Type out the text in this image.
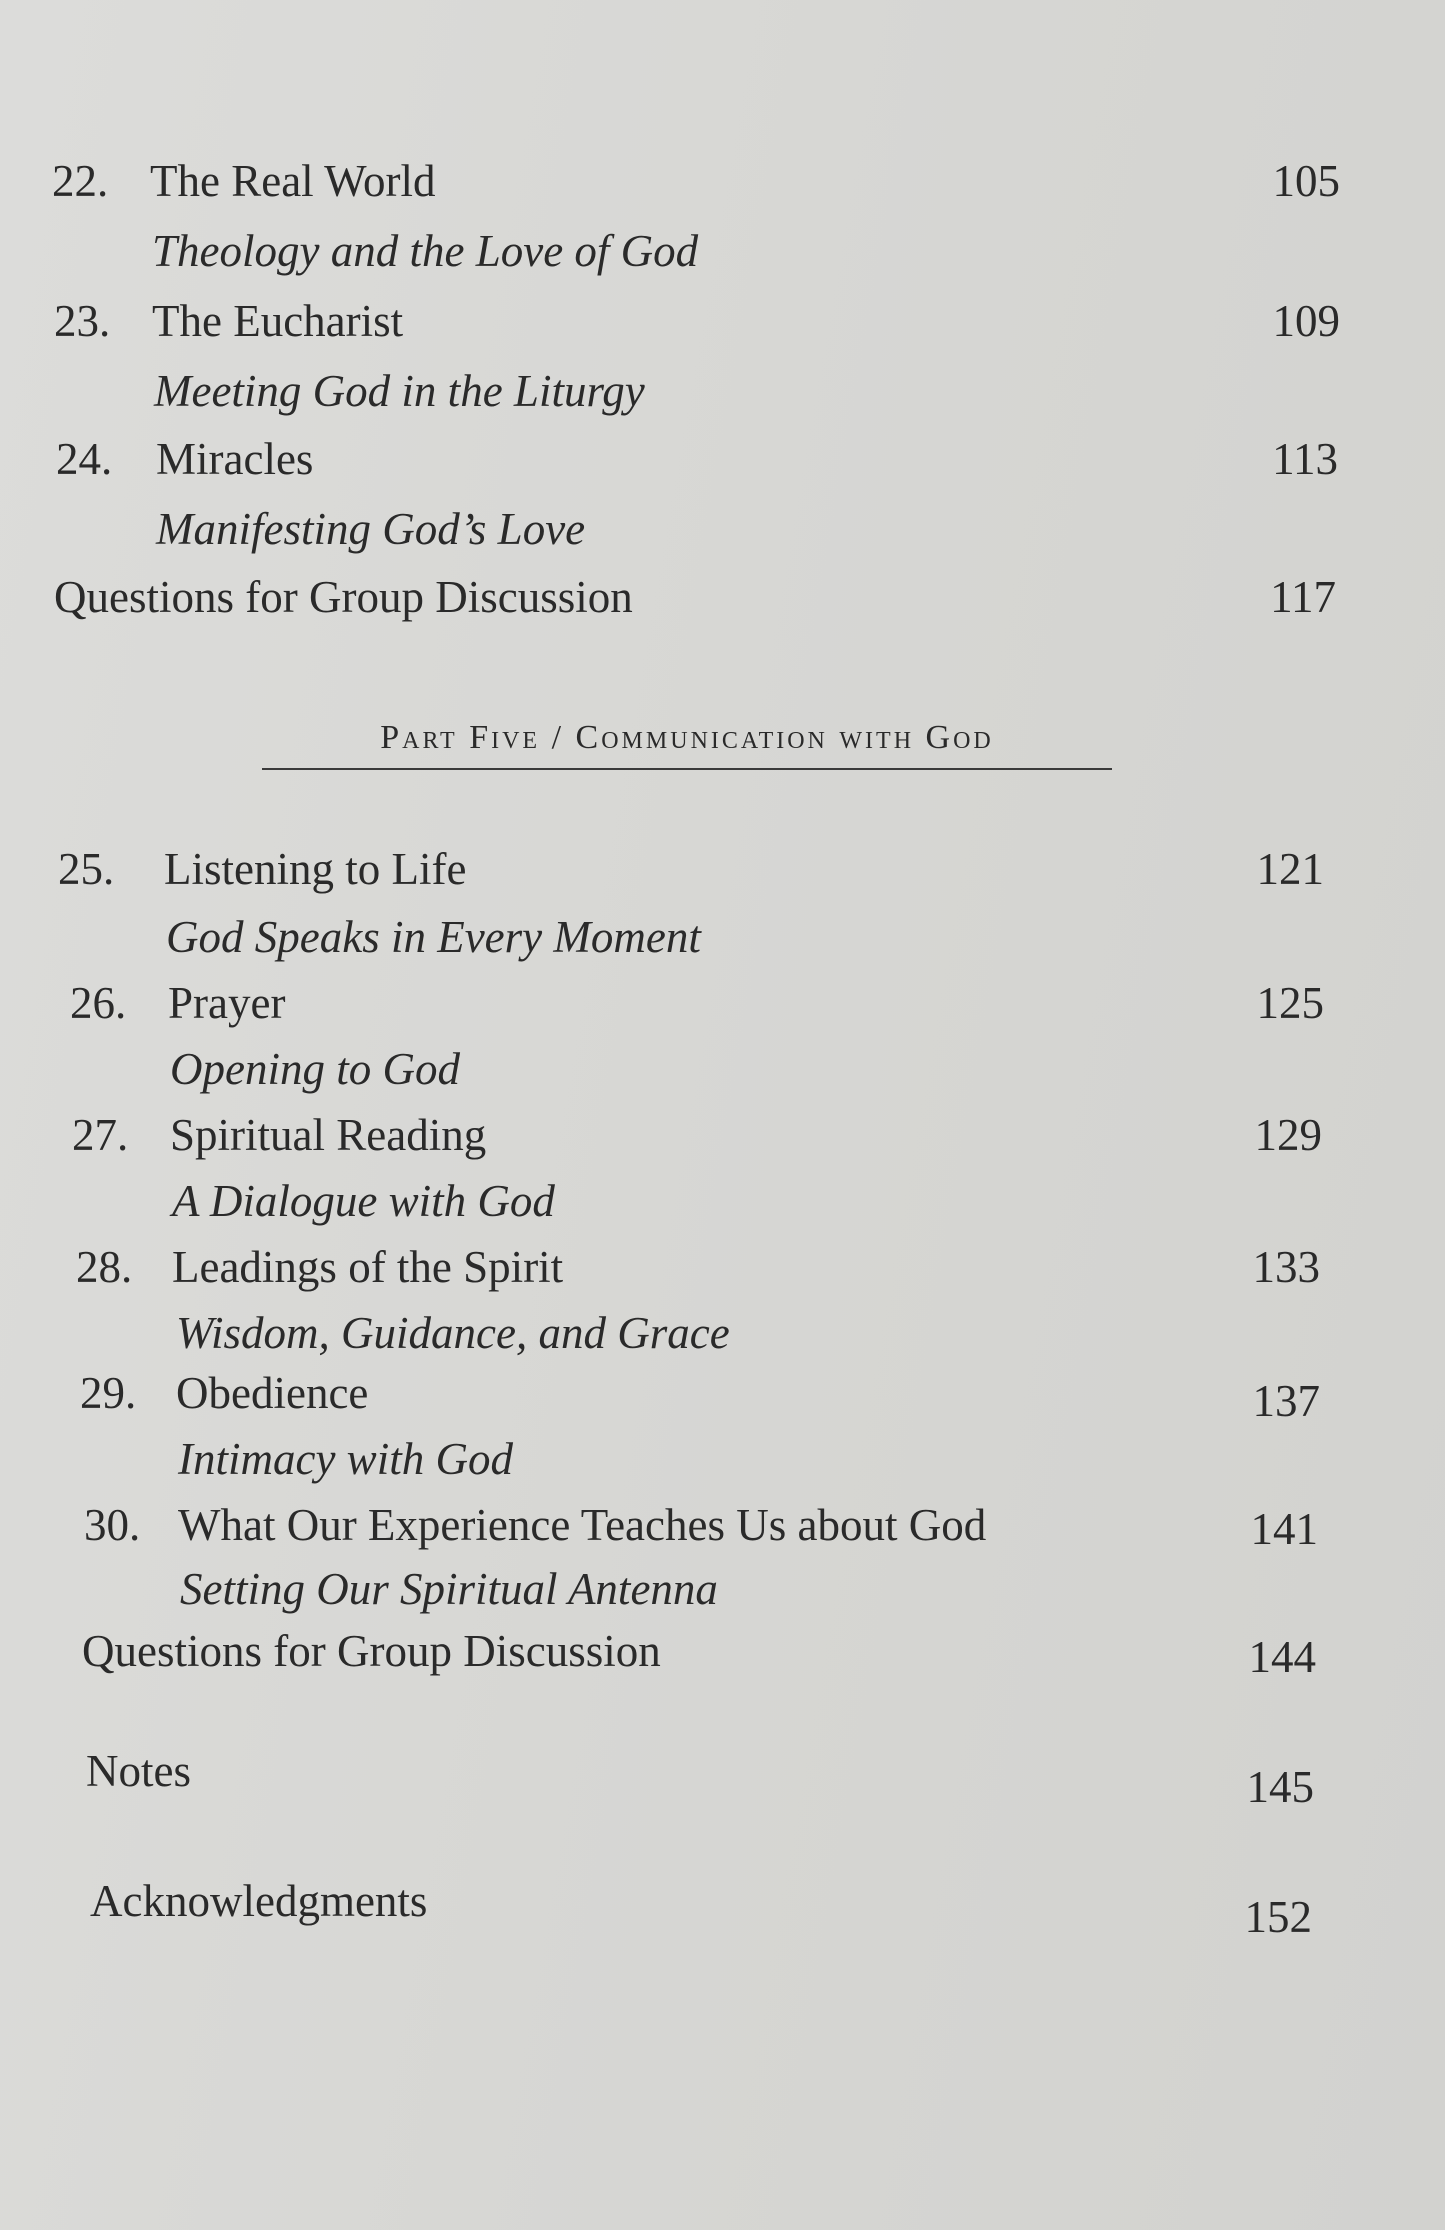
22. The Real World	105
Theology and the Love of God
23. The Eucharist	109
Meeting God in the Liturgy
24. Miracles	113
Manifesting God’s Love
Questions for Group Discussion	117
Part Five / Communication with God
25. Listening to Life	121
God Speaks in Every Moment
26. Prayer	125
Opening to God
27. Spiritual Reading	129
A Dialogue with God
28. Leadings of the Spirit	133
Wisdom, Guidance, and Grace
29. Obedience	137
Intimacy with God
30. What Our Experience Teaches Us about God	141
Setting Our Spiritual Antenna
Questions for Group Discussion	144
Notes	145
Acknowledgments	152
